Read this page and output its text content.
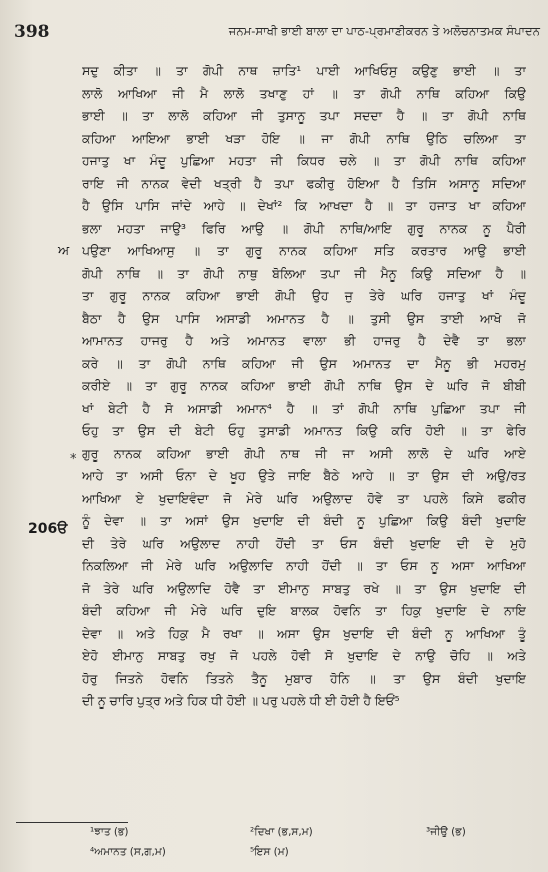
398	ਜਨਮ-ਸਾਖੀ ਭਾਈ ਬਾਲਾ ਦਾ ਪਾਠ-ਪ੍ਰਮਾਣੀਕਰਨ ਤੇ ਅਲੋਚਨਾਤਮਕ ਸੰਪਾਦਨ
ਅ
*
206ੳ
ਸਦੁ ਕੀਤਾ ॥ ਤਾ ਗੋਪੀ ਨਾਥ ਜ਼ਾਤਿ¹ ਪਾਈ ਆਖਿਓਸੁ ਕਉਣੁ ਭਾਈ ॥ ਤਾ
ਲਾਲੋ ਆਖਿਆ ਜੀ ਮੈ ਲਾਲੋ ਤਖਾਣੁ ਹਾਂ ॥ ਤਾ ਗੋਪੀ ਨਾਥਿ ਕਹਿਆ ਕਿਉ
ਭਾਈ ॥ ਤਾ ਲਾਲੋ ਕਹਿਆ ਜੀ ਤੁਸਾਨੂ ਤਪਾ ਸਦਦਾ ਹੈ ॥ ਤਾ ਗੋਪੀ ਨਾਥਿ
ਕਹਿਆ ਆਇਆ ਭਾਈ ਖੜਾ ਹੋਇ ॥ ਜਾ ਗੋਪੀ ਨਾਥਿ ਉਠਿ ਚਲਿਆ ਤਾ
ਹਜਾਤੁ ਖਾ ਮੰਦੂ ਪੁਛਿਆ ਮਹਤਾ ਜੀ ਕਿਧਰ ਚਲੇ ॥ ਤਾ ਗੋਪੀ ਨਾਥਿ ਕਹਿਆ
ਰਾਇ ਜੀ ਨਾਨਕ ਵੇਦੀ ਖਤ੍ਰੀ ਹੈ ਤਪਾ ਫਕੀਰੁ ਹੋਇਆ ਹੈ ਤਿਸਿ ਅਸਾਨੂ ਸਦਿਆ
ਹੈ ਉਸਿ ਪਾਸਿ ਜਾਂਦੇ ਆਹੇ ॥ ਦੇਖਾਂ² ਕਿ ਆਖਦਾ ਹੈ ॥ ਤਾ ਹਜਾਤ ਖਾ ਕਹਿਆ
ਭਲਾ ਮਹਤਾ ਜਾਉ³ ਫਿਰਿ ਆਉ ॥ ਗੋਪੀ ਨਾਥਿ/ਆਇ ਗੁਰੂ ਨਾਨਕ ਨੂ ਪੈਰੀ
ਪਉਣਾ ਆਖਿਆਸੁ ॥ ਤਾ ਗੁਰੂ ਨਾਨਕ ਕਹਿਆ ਸਤਿ ਕਰਤਾਰ ਆਉ ਭਾਈ
ਗੋਪੀ ਨਾਥਿ ॥ ਤਾ ਗੋਪੀ ਨਾਥੁ ਬੋਲਿਆ ਤਪਾ ਜੀ ਮੈਨੂ ਕਿਉ ਸਦਿਆ ਹੈ ॥
ਤਾ ਗੁਰੂ ਨਾਨਕ ਕਹਿਆ ਭਾਈ ਗੋਪੀ ਉਹ ਜੁ ਤੇਰੇ ਘਰਿ ਹਜਾਤੁ ਖਾਂ ਮੰਦੂ
ਬੈਠਾ ਹੈ ਉਸ ਪਾਸਿ ਅਸਾਡੀ ਅਮਾਨਤ ਹੈ ॥ ਤੁਸੀ ਉਸ ਤਾਈ ਆਖੋ ਜੋ
ਆਮਾਨਤ ਹਾਜਰੁ ਹੈ ਅਤੇ ਅਮਾਨਤ ਵਾਲਾ ਭੀ ਹਾਜਰੁ ਹੈ ਦੇਵੈ ਤਾ ਭਲਾ
ਕਰੇ ॥ ਤਾ ਗੋਪੀ ਨਾਥਿ ਕਹਿਆ ਜੀ ਉਸ ਅਮਾਨਤ ਦਾ ਮੈਨੂ ਭੀ ਮਹਰਮੁ
ਕਰੀਏ ॥ ਤਾ ਗੁਰੂ ਨਾਨਕ ਕਹਿਆ ਭਾਈ ਗੋਪੀ ਨਾਥਿ ਉਸ ਦੇ ਘਰਿ ਜੋ ਬੀਬੀ
ਖਾਂ ਬੇਟੀ ਹੈ ਸੋ ਅਸਾਡੀ ਅਮਾਨ⁴ ਹੈ ॥ ਤਾਂ ਗੋਪੀ ਨਾਥਿ ਪੁਛਿਆ ਤਪਾ ਜੀ
ਓਹੁ ਤਾ ਉਸ ਦੀ ਬੇਟੀ ਓਹੁ ਤੁਸਾਡੀ ਅਮਾਨਤ ਕਿਉ ਕਰਿ ਹੋਈ ॥ ਤਾ ਫੇਰਿ
ਗੁਰੂ ਨਾਨਕ ਕਹਿਆ ਭਾਈ ਗੋਪੀ ਨਾਥ ਜੀ ਜਾ ਅਸੀ ਲਾਲੋ ਦੇ ਘਰਿ ਆਏ
ਆਹੇ ਤਾ ਅਸੀ ਓਨਾ ਦੇ ਖੂਹ ਉਤੇ ਜਾਇ ਬੈਠੇ ਆਹੇ ॥ ਤਾ ਉਸ ਦੀ ਅਉ/ਰਤ
ਆਖਿਆ ਏ ਖੁਦਾਇਵੰਦਾ ਜੋ ਮੇਰੇ ਘਰਿ ਅਉਲਾਦ ਹੋਵੇ ਤਾ ਪਹਲੇ ਕਿਸੇ ਫਕੀਰ
ਨੂੰ ਦੇਵਾ ॥ ਤਾ ਅਸਾਂ ਉਸ ਖੁਦਾਇ ਦੀ ਬੰਦੀ ਨੂ ਪੁਛਿਆ ਕਿਉ ਬੰਦੀ ਖੁਦਾਇ
ਦੀ ਤੇਰੇ ਘਰਿ ਅਉਲਾਦ ਨਾਹੀ ਹੋਂਦੀ ਤਾ ਓਸ ਬੰਦੀ ਖੁਦਾਇ ਦੀ ਦੇ ਮੁਹੋ
ਨਿਕਲਿਆ ਜੀ ਮੇਰੇ ਘਰਿ ਅਉਲਾਦਿ ਨਾਹੀ ਹੋਂਦੀ ॥ ਤਾ ਓਸ ਨੂ ਅਸਾ ਆਖਿਆ
ਜੋ ਤੇਰੇ ਘਰਿ ਅਉਲਾਦਿ ਹੋਵੈ ਤਾ ਈਮਾਨੁ ਸਾਬਤੁ ਰਖੇ ॥ ਤਾ ਉਸ ਖੁਦਾਇ ਦੀ
ਬੰਦੀ ਕਹਿਆ ਜੀ ਮੇਰੇ ਘਰਿ ਦੁਇ ਬਾਲਕ ਹੋਵਨਿ ਤਾ ਹਿਕੁ ਖੁਦਾਇ ਦੇ ਨਾਇ
ਦੇਵਾ ॥ ਅਤੇ ਹਿਕੁ ਮੈ ਰਖਾ ॥ ਅਸਾ ਉਸ ਖੁਦਾਇ ਦੀ ਬੰਦੀ ਨੂ ਆਖਿਆ ਤੂੰ
ਏਹੋ ਈਮਾਨੁ ਸਾਬਤੁ ਰਖੁ ਜੋ ਪਹਲੇ ਹੋਵੀ ਸੋ ਖੁਦਾਇ ਦੇ ਨਾਉ ਚੋਹਿ ॥ ਅਤੇ
ਹੋਰੁ ਜਿਤਨੇ ਹੋਵਨਿ ਤਿਤਨੇ ਤੈਨੂ ਮੁਬਾਰ ਹੋਨਿ ॥ ਤਾ ਉਸ ਬੰਦੀ ਖੁਦਾਇ
ਦੀ ਨੂ ਚਾਰਿ ਪੁਤ੍ਰ ਅਤੇ ਹਿਕ ਧੀ ਹੋਈ ॥ ਪਰੁ ਪਹਲੇ ਧੀ ਈ ਹੋਈ ਹੈ ਇਓਂ⁵
¹ਝਾਤ (ਭ)	²ਦਿਖਾ (ਭ,ਸ,ਮ)	³ਜੀਉ (ਭ)
⁴ਅਮਾਨਤ (ਸ,ਗ,ਮ)	⁵ਇਸ (ਮ)
